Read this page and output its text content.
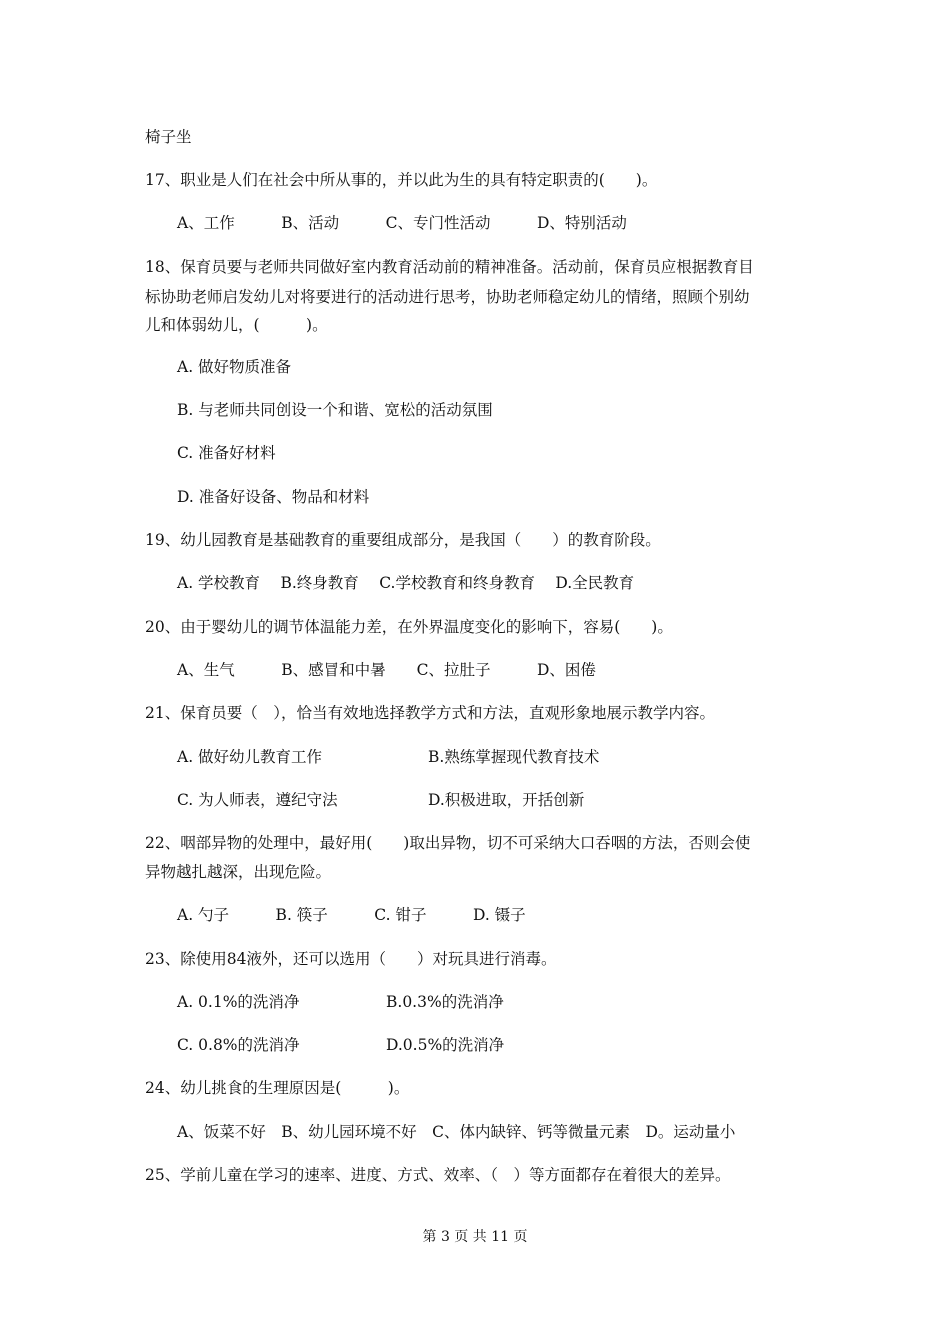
椅子坐
17、职业是人们在社会中所从事的，并以此为生的具有特定职责的(　　)。
A、工作　　　B、活动　　　C、专门性活动　　　D、特别活动
18、保育员要与老师共同做好室内教育活动前的精神准备。活动前，保育员应根据教育目
标协助老师启发幼儿对将要进行的活动进行思考，协助老师稳定幼儿的情绪，照顾个别幼
儿和体弱幼儿，(　　　)。
A. 做好物质准备
B. 与老师共同创设一个和谐、宽松的活动氛围
C. 准备好材料
D. 准备好设备、物品和材料
19、幼儿园教育是基础教育的重要组成部分，是我国（　　）的教育阶段。
A. 学校教育　 B.终身教育　 C.学校教育和终身教育　 D.全民教育
20、由于婴幼儿的调节体温能力差，在外界温度变化的影响下，容易(　　)。
A、生气　　　B、感冒和中暑　　C、拉肚子　　　D、困倦
21、保育员要（　），恰当有效地选择教学方式和方法，直观形象地展示教学内容。
A. 做好幼儿教育工作	B.熟练掌握现代教育技术
C. 为人师表，遵纪守法	D.积极进取，开括创新
22、咽部异物的处理中，最好用(　　)取出异物，切不可采纳大口吞咽的方法，否则会使
异物越扎越深，出现危险。
A. 勺子　　　B. 筷子　　　C. 钳子　　　D. 镊子
23、除使用84液外，还可以选用（　　）对玩具进行消毒。
A. 0.1%的洗消净	B.0.3%的洗消净
C. 0.8%的洗消净	D.0.5%的洗消净
24、幼儿挑食的生理原因是(　　　)。
A、饭菜不好　B、幼儿园环境不好　C、体内缺锌、钙等微量元素　D。运动量小
25、学前儿童在学习的速率、进度、方式、效率、（　）等方面都存在着很大的差异。
第 3 页 共 11 页
